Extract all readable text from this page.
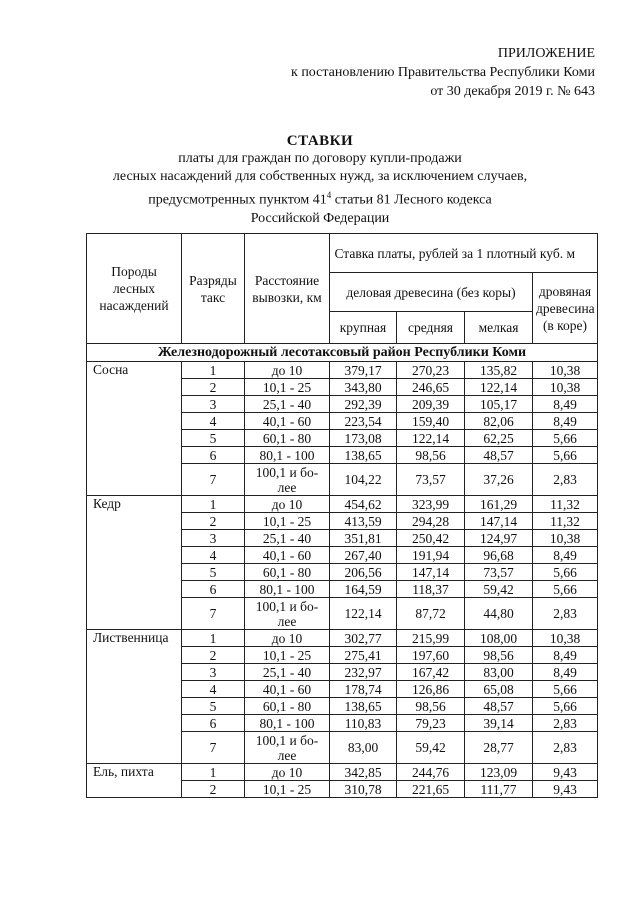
ПРИЛОЖЕНИЕ
к постановлению Правительства Республики Коми
от 30 декабря 2019 г. № 643
СТАВКИ
платы для граждан по договору купли-продажи
лесных насаждений для собственных нужд, за исключением случаев,
предусмотренных пунктом $41^4$ статьи 81 Лесного кодекса
Российской Федерации
Породы лесных насаждений	Разряды такс	Расстояние вывозки, км	Ставка платы, рублей за 1 плотный куб. м			
			деловая древесина (без коры)			дровяная древесина (в коре)
			крупная	средняя	мелкая	
Железнодорожный лесотаксовый район Республики Коми						
Сосна	1	до 10	379,17	270,23	135,82	10,38
	2	10,1 - 25	343,80	246,65	122,14	10,38
	3	25,1 - 40	292,39	209,39	105,17	8,49
	4	40,1 - 60	223,54	159,40	82,06	8,49
	5	60,1 - 80	173,08	122,14	62,25	5,66
	6	80,1 - 100	138,65	98,56	48,57	5,66
	7	100,1 и бо-лее	104,22	73,57	37,26	2,83
Кедр	1	до 10	454,62	323,99	161,29	11,32
	2	10,1 - 25	413,59	294,28	147,14	11,32
	3	25,1 - 40	351,81	250,42	124,97	10,38
	4	40,1 - 60	267,40	191,94	96,68	8,49
	5	60,1 - 80	206,56	147,14	73,57	5,66
	6	80,1 - 100	164,59	118,37	59,42	5,66
	7	100,1 и бо-лее	122,14	87,72	44,80	2,83
Лиственница	1	до 10	302,77	215,99	108,00	10,38
	2	10,1 - 25	275,41	197,60	98,56	8,49
	3	25,1 - 40	232,97	167,42	83,00	8,49
	4	40,1 - 60	178,74	126,86	65,08	5,66
	5	60,1 - 80	138,65	98,56	48,57	5,66
	6	80,1 - 100	110,83	79,23	39,14	2,83
	7	100,1 и бо-лее	83,00	59,42	28,77	2,83
Ель, пихта	1	до 10	342,85	244,76	123,09	9,43
	2	10,1 - 25	310,78	221,65	111,77	9,43
